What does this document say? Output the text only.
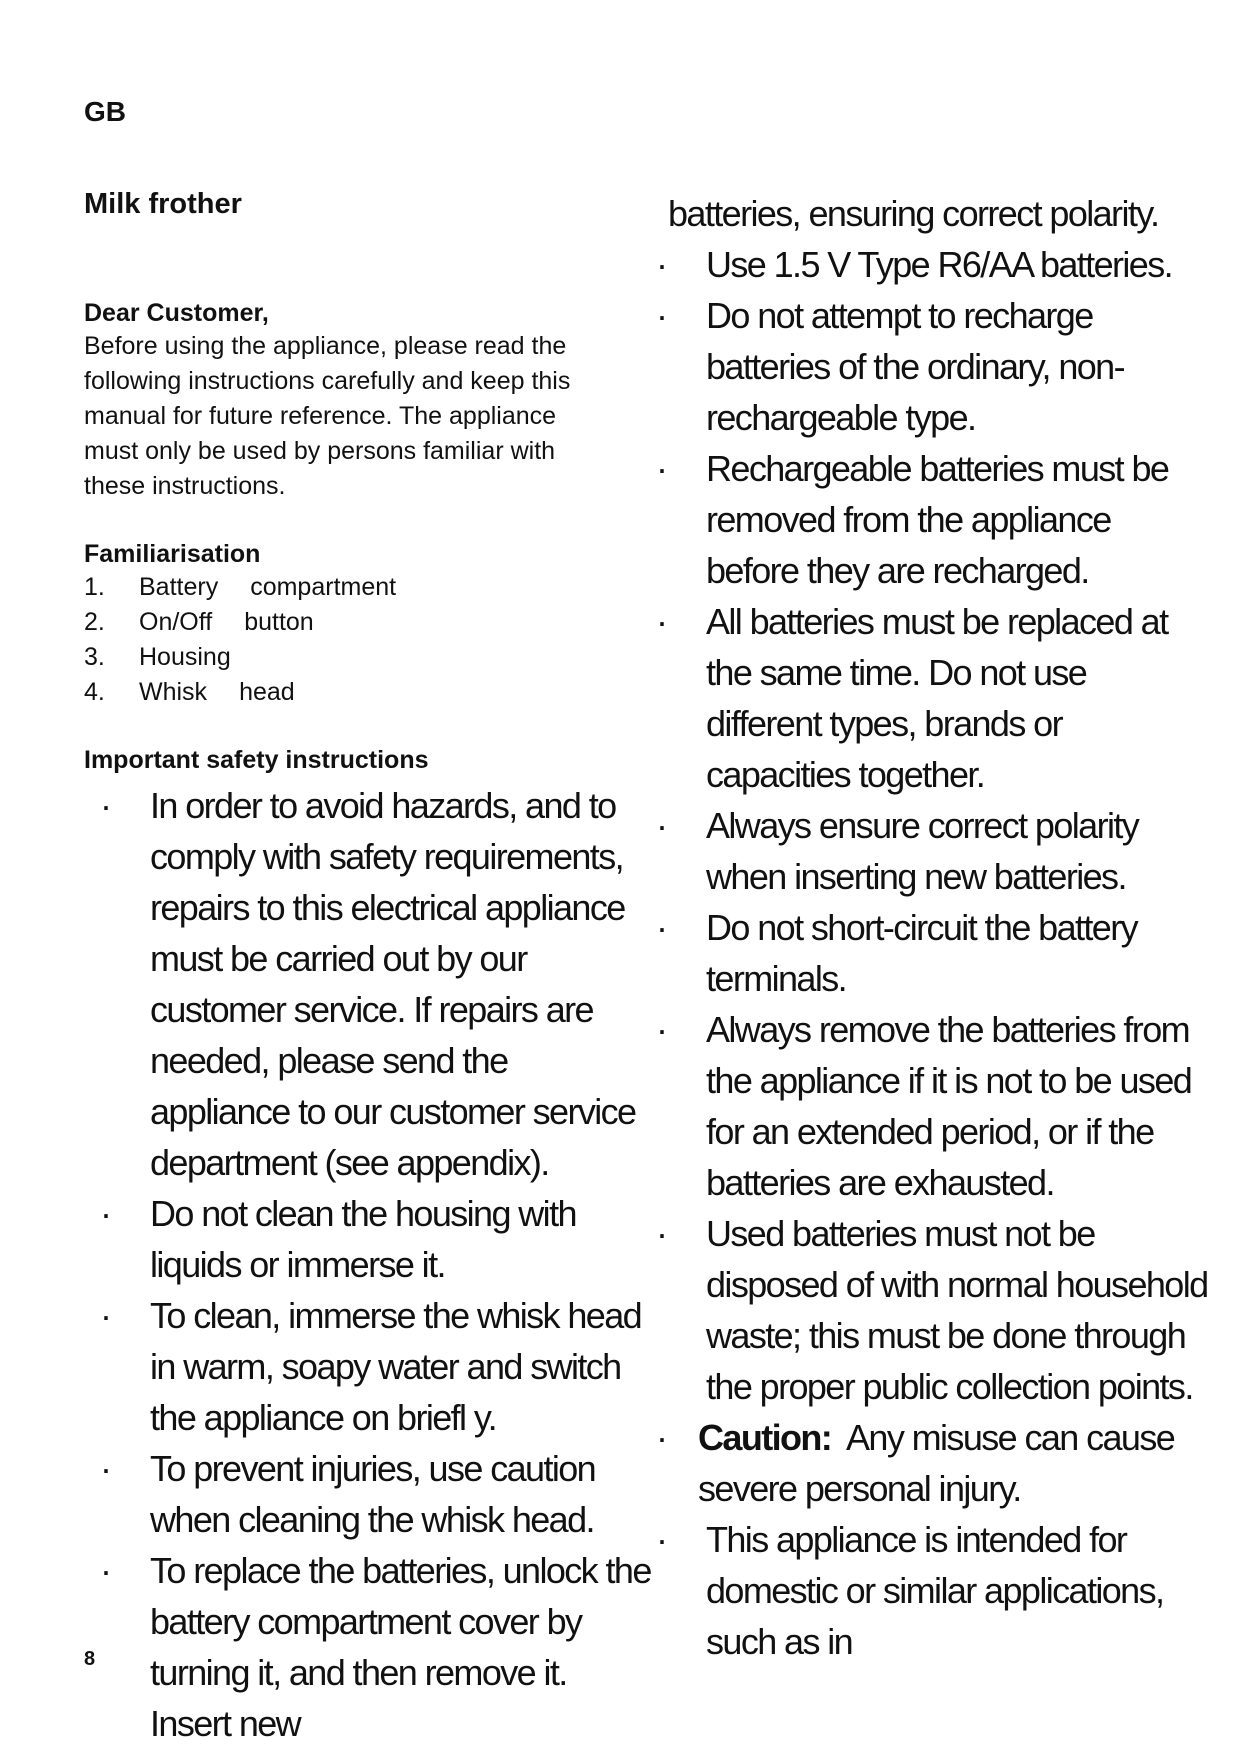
GB
Milk frother
Dear Customer,

Before using the appliance, please read the following instructions carefully and keep this manual for future reference. The appliance must only be used by persons familiar with these instructions.

Familiarisation
1.	Battery compartment
2.	On/Off button
3.	Housing
4.	Whisk head
Important safety instructions
· In order to avoid hazards, and to comply with safety requirements, repairs to this electrical appliance must be carried out by our customer service. If repairs are needed, please send the appliance to our customer service department (see appendix).
· Do not clean the housing with liquids or immerse it.
· To clean, immerse the whisk head in warm, soapy water and switch the appliance on briefl y.
· To prevent injuries, use caution when cleaning the whisk head.
· To replace the batteries, unlock the battery compartment cover by turning it, and then remove it. Insert new
batteries, ensuring correct polarity.
· Use 1.5 V Type R6/AA batteries.
· Do not attempt to recharge batteries of the ordinary, non-rechargeable type.
· Rechargeable batteries must be removed from the appliance before they are recharged.
· All batteries must be replaced at the same time. Do not use different types, brands or capacities together.
· Always ensure correct polarity when inserting new batteries.
· Do not short-circuit the battery terminals.
· Always remove the batteries from the appliance if it is not to be used for an extended period, or if the batteries are exhausted.
· Used batteries must not be disposed of with normal household waste; this must be done through the proper public collection points.
· Caution: Any misuse can cause severe personal injury.
· This appliance is intended for domestic or similar applications, such as in
8
